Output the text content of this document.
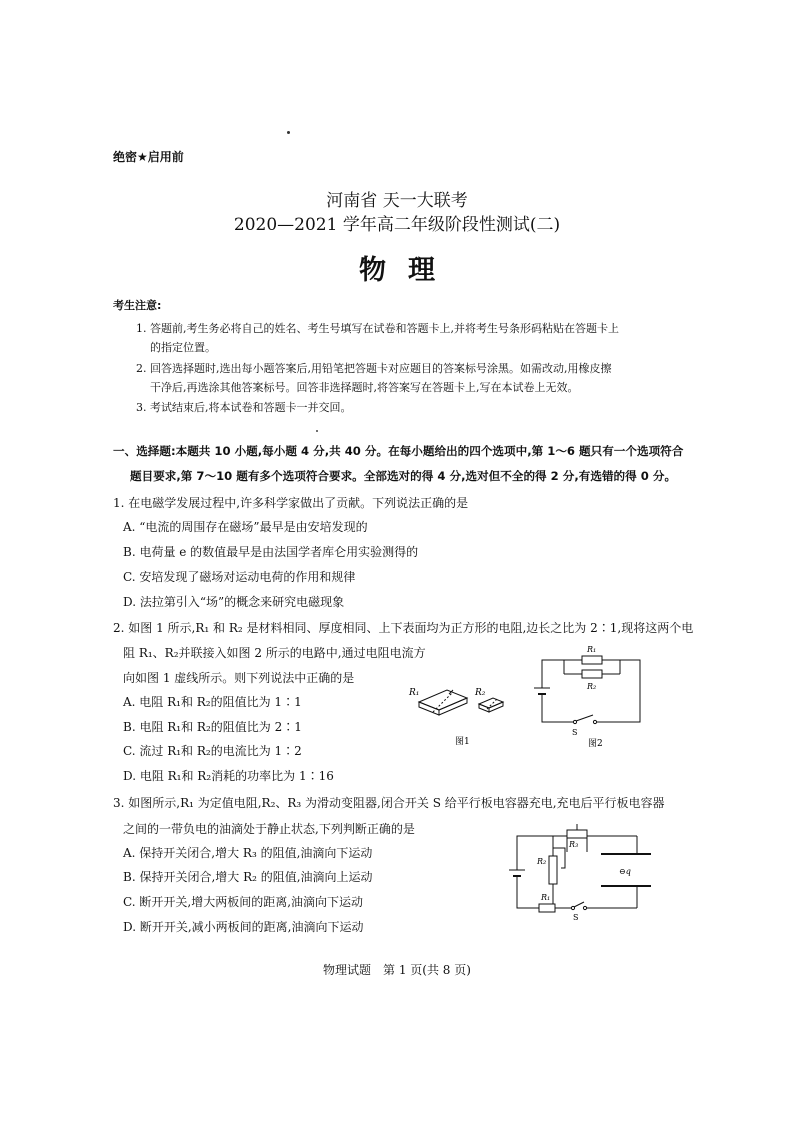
绝密★启用前
河南省 天一大联考
2020—2021 学年高二年级阶段性测试(二)
物理
考生注意:
1. 答题前,考生务必将自己的姓名、考生号填写在试卷和答题卡上,并将考生号条形码粘贴在答题卡上
的指定位置。
2. 回答选择题时,选出每小题答案后,用铅笔把答题卡对应题目的答案标号涂黑。如需改动,用橡皮擦
干净后,再选涂其他答案标号。回答非选择题时,将答案写在答题卡上,写在本试卷上无效。
3. 考试结束后,将本试卷和答题卡一并交回。
一、选择题:本题共 10 小题,每小题 4 分,共 40 分。在每小题给出的四个选项中,第 1～6 题只有一个选项符合
题目要求,第 7～10 题有多个选项符合要求。全部选对的得 4 分,选对但不全的得 2 分,有选错的得 0 分。
1. 在电磁学发展过程中,许多科学家做出了贡献。下列说法正确的是
A. “电流的周围存在磁场”最早是由安培发现的
B. 电荷量 e 的数值最早是由法国学者库仑用实验测得的
C. 安培发现了磁场对运动电荷的作用和规律
D. 法拉第引入“场”的概念来研究电磁现象
2. 如图 1 所示,R₁ 和 R₂ 是材料相同、厚度相同、上下表面均为正方形的电阻,边长之比为 2∶1,现将这两个电
阻 R₁、R₂并联接入如图 2 所示的电路中,通过电阻电流方
向如图 1 虚线所示。则下列说法中正确的是
A. 电阻 R₁和 R₂的阻值比为 1∶1
B. 电阻 R₁和 R₂的阻值比为 2∶1
C. 流过 R₁和 R₂的电流比为 1∶2
D. 电阻 R₁和 R₂消耗的功率比为 1∶16
R₁	R₂
图1
R₁
R₂
S
图2
3. 如图所示,R₁ 为定值电阻,R₂、R₃ 为滑动变阻器,闭合开关 S 给平行板电容器充电,充电后平行板电容器
之间的一带负电的油滴处于静止状态,下列判断正确的是
A. 保持开关闭合,增大 R₃ 的阻值,油滴向下运动
B. 保持开关闭合,增大 R₂ 的阻值,油滴向上运动
C. 断开开关,增大两板间的距离,油滴向下运动
D. 断开开关,减小两板间的距离,油滴向下运动
R₃
R₂
R₁
S
⊖q
物理试题　第 1 页(共 8 页)
